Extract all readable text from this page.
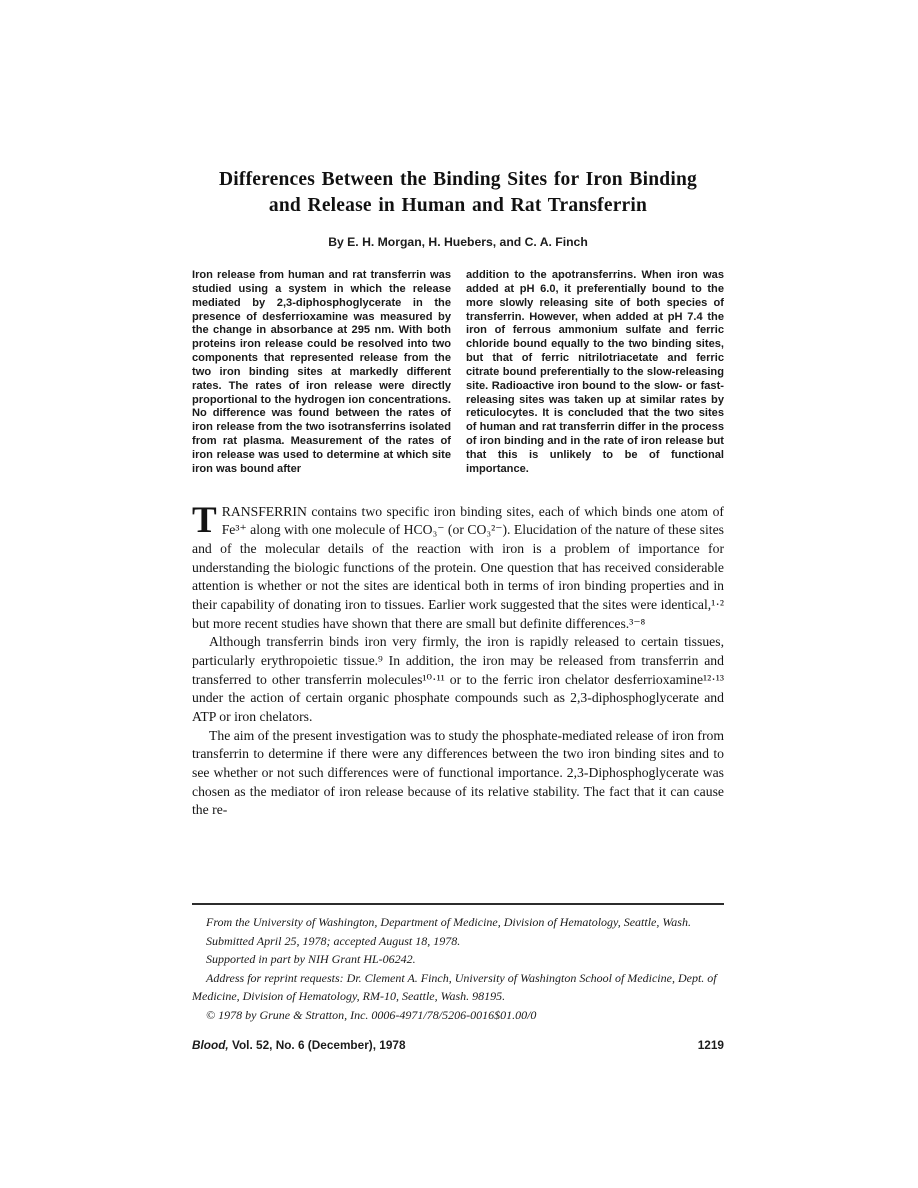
Differences Between the Binding Sites for Iron Binding
and Release in Human and Rat Transferrin
By E. H. Morgan, H. Huebers, and C. A. Finch

Iron release from human and rat transferrin was studied using a system in which the release mediated by 2,3-diphosphoglycerate in the presence of desferrioxamine was measured by the change in absorbance at 295 nm. With both proteins iron release could be resolved into two components that represented release from the two iron binding sites at markedly different rates. The rates of iron release were directly proportional to the hydrogen ion concentrations. No difference was found between the rates of iron release from the two isotransferrins isolated from rat plasma. Measurement of the rates of iron release was used to determine at which site iron was bound after

addition to the apotransferrins. When iron was added at pH 6.0, it preferentially bound to the more slowly releasing site of both species of transferrin. However, when added at pH 7.4 the iron of ferrous ammonium sulfate and ferric chloride bound equally to the two binding sites, but that of ferric nitrilotriacetate and ferric citrate bound preferentially to the slow-releasing site. Radioactive iron bound to the slow- or fast-releasing sites was taken up at similar rates by reticulocytes. It is concluded that the two sites of human and rat transferrin differ in the process of iron binding and in the rate of iron release but that this is unlikely to be of functional importance.

TRANSFERRIN contains two specific iron binding sites, each of which binds one atom of Fe³⁺ along with one molecule of HCO₃⁻ (or CO₃²⁻). Elucidation of the nature of these sites and of the molecular details of the reaction with iron is a problem of importance for understanding the biologic functions of the protein. One question that has received considerable attention is whether or not the sites are identical both in terms of iron binding properties and in their capability of donating iron to tissues. Earlier work suggested that the sites were identical,¹·² but more recent studies have shown that there are small but definite differences.³⁻⁸

Although transferrin binds iron very firmly, the iron is rapidly released to certain tissues, particularly erythropoietic tissue.⁹ In addition, the iron may be released from transferrin and transferred to other transferrin molecules¹⁰·¹¹ or to the ferric iron chelator desferrioxamine¹²·¹³ under the action of certain organic phosphate compounds such as 2,3-diphosphoglycerate and ATP or iron chelators.

The aim of the present investigation was to study the phosphate-mediated release of iron from transferrin to determine if there were any differences between the two iron binding sites and to see whether or not such differences were of functional importance. 2,3-Diphosphoglycerate was chosen as the mediator of iron release because of its relative stability. The fact that it can cause the re-

From the University of Washington, Department of Medicine, Division of Hematology, Seattle, Wash.

Submitted April 25, 1978; accepted August 18, 1978.

Supported in part by NIH Grant HL-06242.

Address for reprint requests: Dr. Clement A. Finch, University of Washington School of Medicine, Dept. of Medicine, Division of Hematology, RM-10, Seattle, Wash. 98195.

© 1978 by Grune & Stratton, Inc. 0006-4971/78/5206-0016$01.00/0

Blood, Vol. 52, No. 6 (December), 1978	1219
